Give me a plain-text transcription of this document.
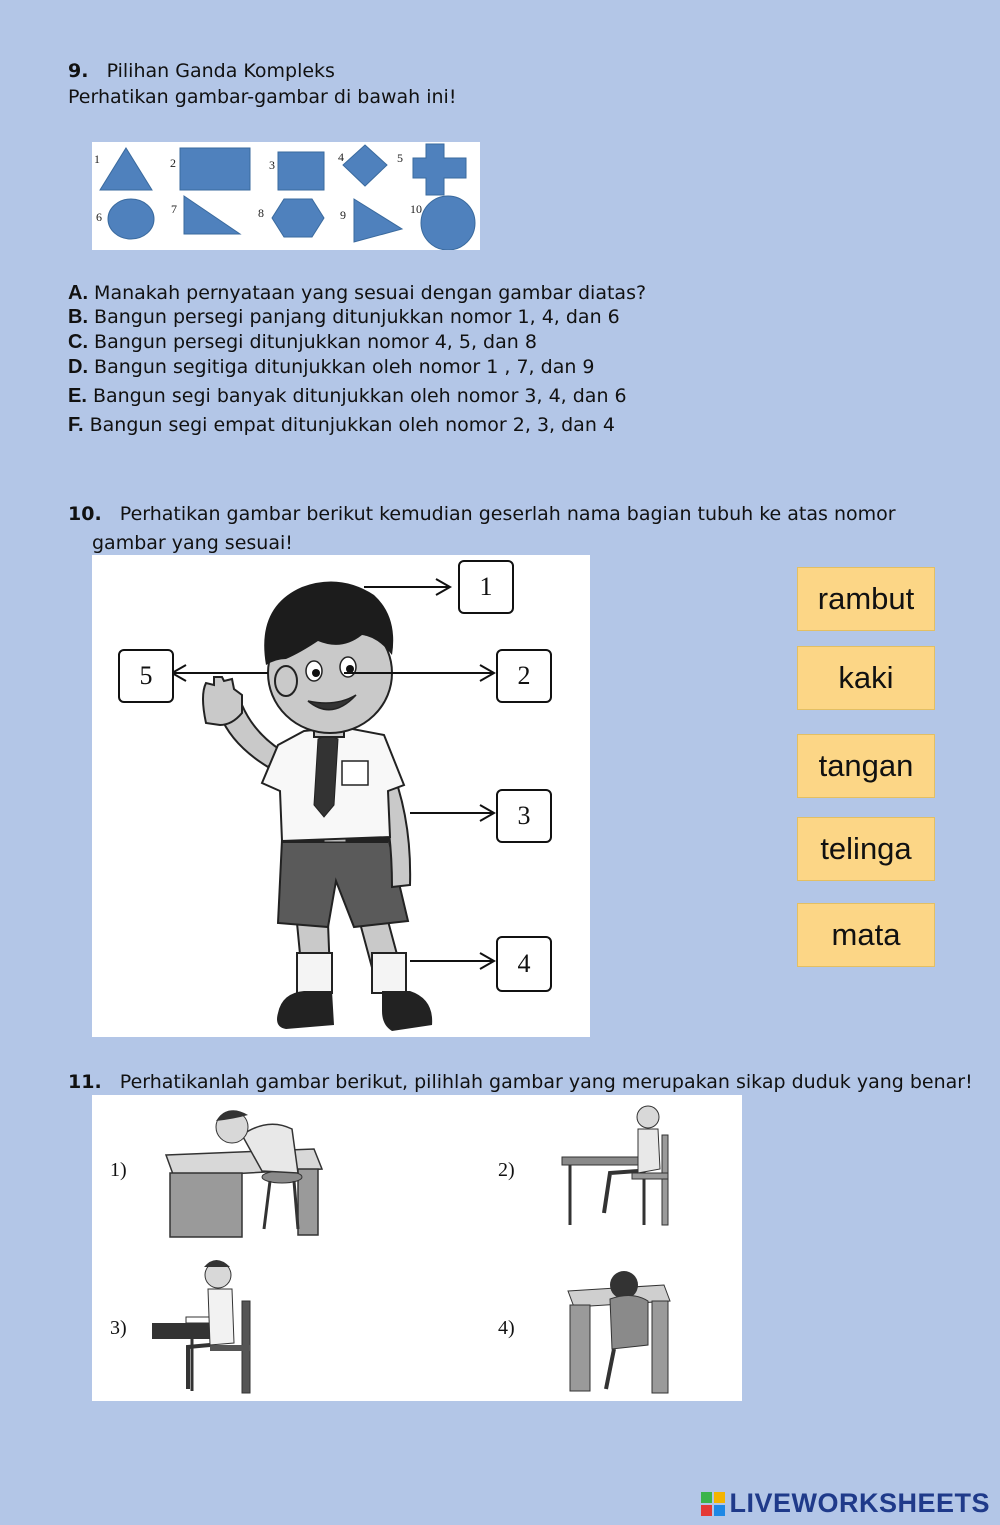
9. Pilihan Ganda Kompleks
Perhatikan gambar-gambar di bawah ini!
1	2	3
4	5
6
7	8	9	10
A. Manakah pernyataan yang sesuai dengan gambar diatas?
B. Bangun persegi panjang ditunjukkan nomor 1, 4, dan 6
C. Bangun persegi ditunjukkan nomor 4, 5, dan 8
D. Bangun segitiga ditunjukkan oleh nomor 1 , 7, dan 9
E. Bangun segi banyak ditunjukkan oleh nomor 3, 4, dan 6
F. Bangun segi empat ditunjukkan oleh nomor 2, 3, dan 4
10. Perhatikan gambar berikut kemudian geserlah nama bagian tubuh ke atas nomor
gambar yang sesuai!
1
2
3
4
5
rambut
kaki
tangan
telinga
mata
11. Perhatikanlah gambar berikut, pilihlah gambar yang merupakan sikap duduk yang benar!
1)	2)
3)	4)
LIVEWORKSHEETS
